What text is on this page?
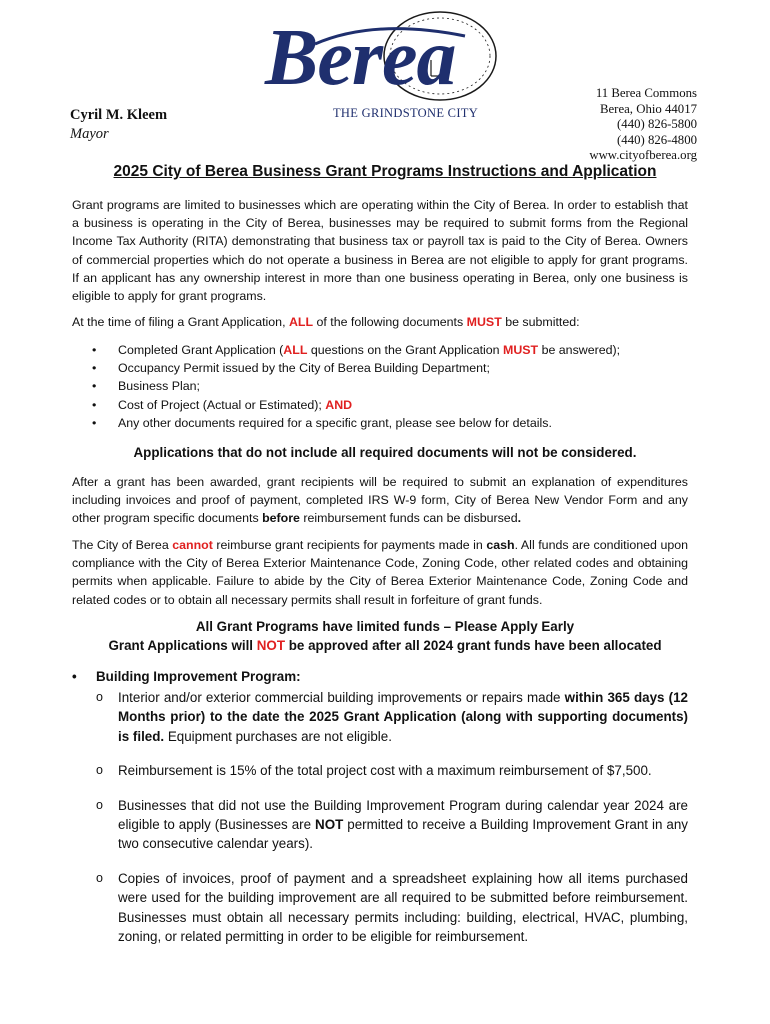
Cyril M. Kleem
Mayor
Berea
THE GRINDSTONE CITY
11 Berea Commons
Berea, Ohio 44017
(440) 826-5800
(440) 826-4800
www.cityofberea.org
2025 City of Berea Business Grant Programs Instructions and Application
Grant programs are limited to businesses which are operating within the City of Berea. In order to establish that a business is operating in the City of Berea, businesses may be required to submit forms from the Regional Income Tax Authority (RITA) demonstrating that business tax or payroll tax is paid to the City of Berea. Owners of commercial properties which do not operate a business in Berea are not eligible to apply for grant programs. If an applicant has any ownership interest in more than one business operating in Berea, only one business is eligible to apply for grant programs.
At the time of filing a Grant Application, ALL of the following documents MUST be submitted:
• Completed Grant Application (ALL questions on the Grant Application MUST be answered);
• Occupancy Permit issued by the City of Berea Building Department;
• Business Plan;
• Cost of Project (Actual or Estimated); AND
• Any other documents required for a specific grant, please see below for details.
Applications that do not include all required documents will not be considered.
After a grant has been awarded, grant recipients will be required to submit an explanation of expenditures including invoices and proof of payment, completed IRS W-9 form, City of Berea New Vendor Form and any other program specific documents before reimbursement funds can be disbursed.
The City of Berea cannot reimburse grant recipients for payments made in cash. All funds are conditioned upon compliance with the City of Berea Exterior Maintenance Code, Zoning Code, other related codes and obtaining permits when applicable. Failure to abide by the City of Berea Exterior Maintenance Code, Zoning Code and related codes or to obtain all necessary permits shall result in forfeiture of grant funds.
All Grant Programs have limited funds – Please Apply Early
Grant Applications will NOT be approved after all 2024 grant funds have been allocated
• Building Improvement Program:
o Interior and/or exterior commercial building improvements or repairs made within 365 days (12 Months prior) to the date the 2025 Grant Application (along with supporting documents) is filed. Equipment purchases are not eligible.
o Reimbursement is 15% of the total project cost with a maximum reimbursement of $7,500.
o Businesses that did not use the Building Improvement Program during calendar year 2024 are eligible to apply (Businesses are NOT permitted to receive a Building Improvement Grant in any two consecutive calendar years).
o Copies of invoices, proof of payment and a spreadsheet explaining how all items purchased were used for the building improvement are all required to be submitted before reimbursement. Businesses must obtain all necessary permits including: building, electrical, HVAC, plumbing, zoning, or related permitting in order to be eligible for reimbursement.
